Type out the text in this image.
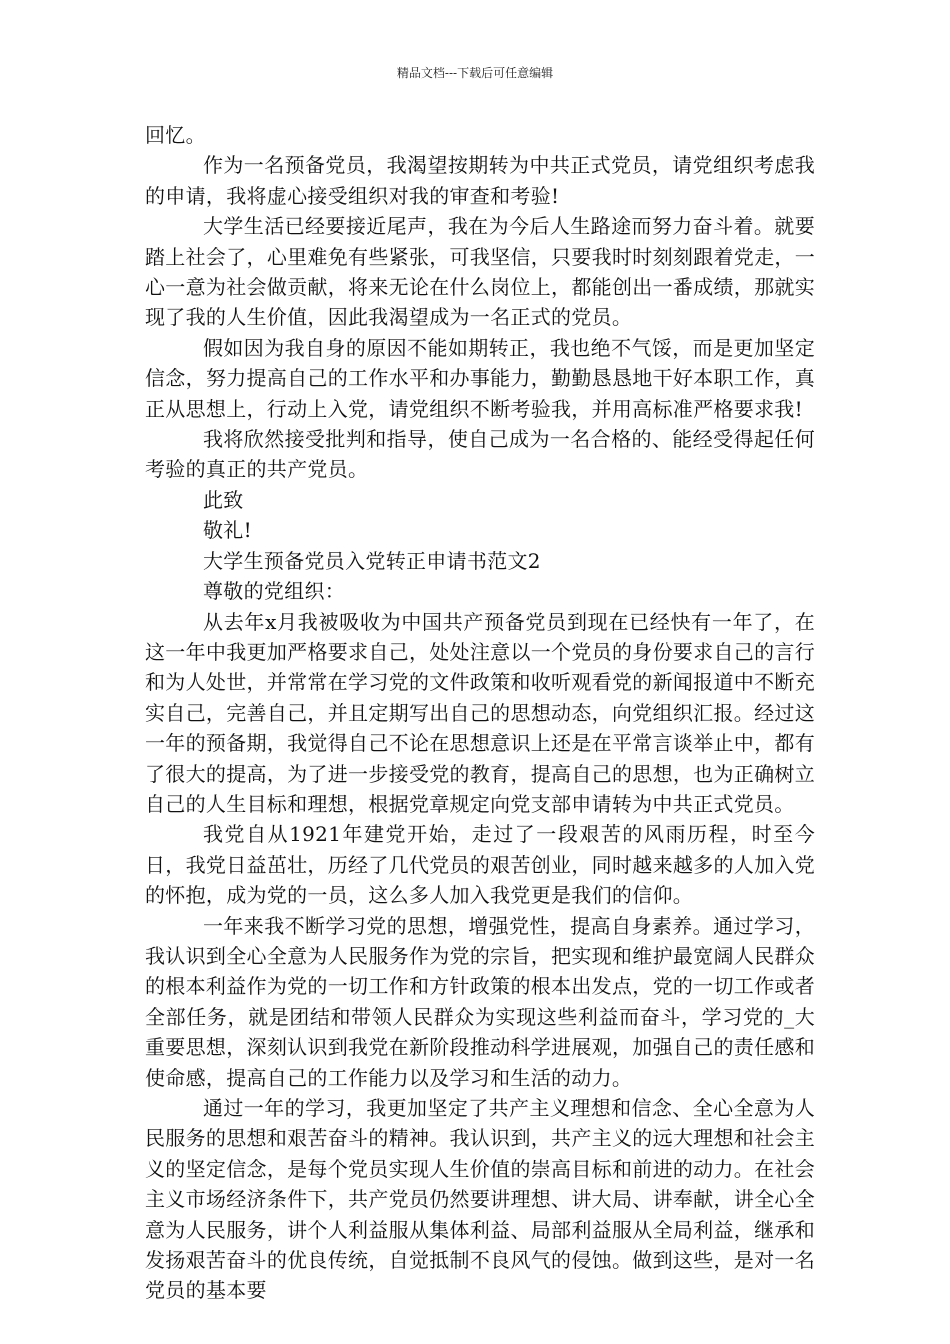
精品文档---下载后可任意编辑

回忆。

作为一名预备党员，我渴望按期转为中共正式党员，请党组织考虑我的申请，我将虚心接受组织对我的审查和考验!

大学生活已经要接近尾声，我在为今后人生路途而努力奋斗着。就要踏上社会了，心里难免有些紧张，可我坚信，只要我时时刻刻跟着党走，一心一意为社会做贡献，将来无论在什么岗位上，都能创出一番成绩，那就实现了我的人生价值，因此我渴望成为一名正式的党员。

假如因为我自身的原因不能如期转正，我也绝不气馁，而是更加坚定信念，努力提高自己的工作水平和办事能力，勤勤恳恳地干好本职工作，真正从思想上，行动上入党，请党组织不断考验我，并用高标准严格要求我!

我将欣然接受批判和指导，使自己成为一名合格的、能经受得起任何考验的真正的共产党员。

此致

敬礼!

大学生预备党员入党转正申请书范文2

尊敬的党组织：

从去年x月我被吸收为中国共产预备党员到现在已经快有一年了，在这一年中我更加严格要求自己，处处注意以一个党员的身份要求自己的言行和为人处世，并常常在学习党的文件政策和收听观看党的新闻报道中不断充实自己，完善自己，并且定期写出自己的思想动态，向党组织汇报。经过这一年的预备期，我觉得自己不论在思想意识上还是在平常言谈举止中，都有了很大的提高，为了进一步接受党的教育，提高自己的思想，也为正确树立自己的人生目标和理想，根据党章规定向党支部申请转为中共正式党员。

我党自从1921年建党开始，走过了一段艰苦的风雨历程，时至今日，我党日益茁壮，历经了几代党员的艰苦创业，同时越来越多的人加入党的怀抱，成为党的一员，这么多人加入我党更是我们的信仰。

一年来我不断学习党的思想，增强党性，提高自身素养。通过学习，我认识到全心全意为人民服务作为党的宗旨，把实现和维护最宽阔人民群众的根本利益作为党的一切工作和方针政策的根本出发点，党的一切工作或者全部任务，就是团结和带领人民群众为实现这些利益而奋斗，学习党的_大重要思想，深刻认识到我党在新阶段推动科学进展观，加强自己的责任感和使命感，提高自己的工作能力以及学习和生活的动力。

通过一年的学习，我更加坚定了共产主义理想和信念、全心全意为人民服务的思想和艰苦奋斗的精神。我认识到，共产主义的远大理想和社会主义的坚定信念，是每个党员实现人生价值的崇高目标和前进的动力。在社会主义市场经济条件下，共产党员仍然要讲理想、讲大局、讲奉献，讲全心全意为人民服务，讲个人利益服从集体利益、局部利益服从全局利益，继承和发扬艰苦奋斗的优良传统，自觉抵制不良风气的侵蚀。做到这些，是对一名党员的基本要
